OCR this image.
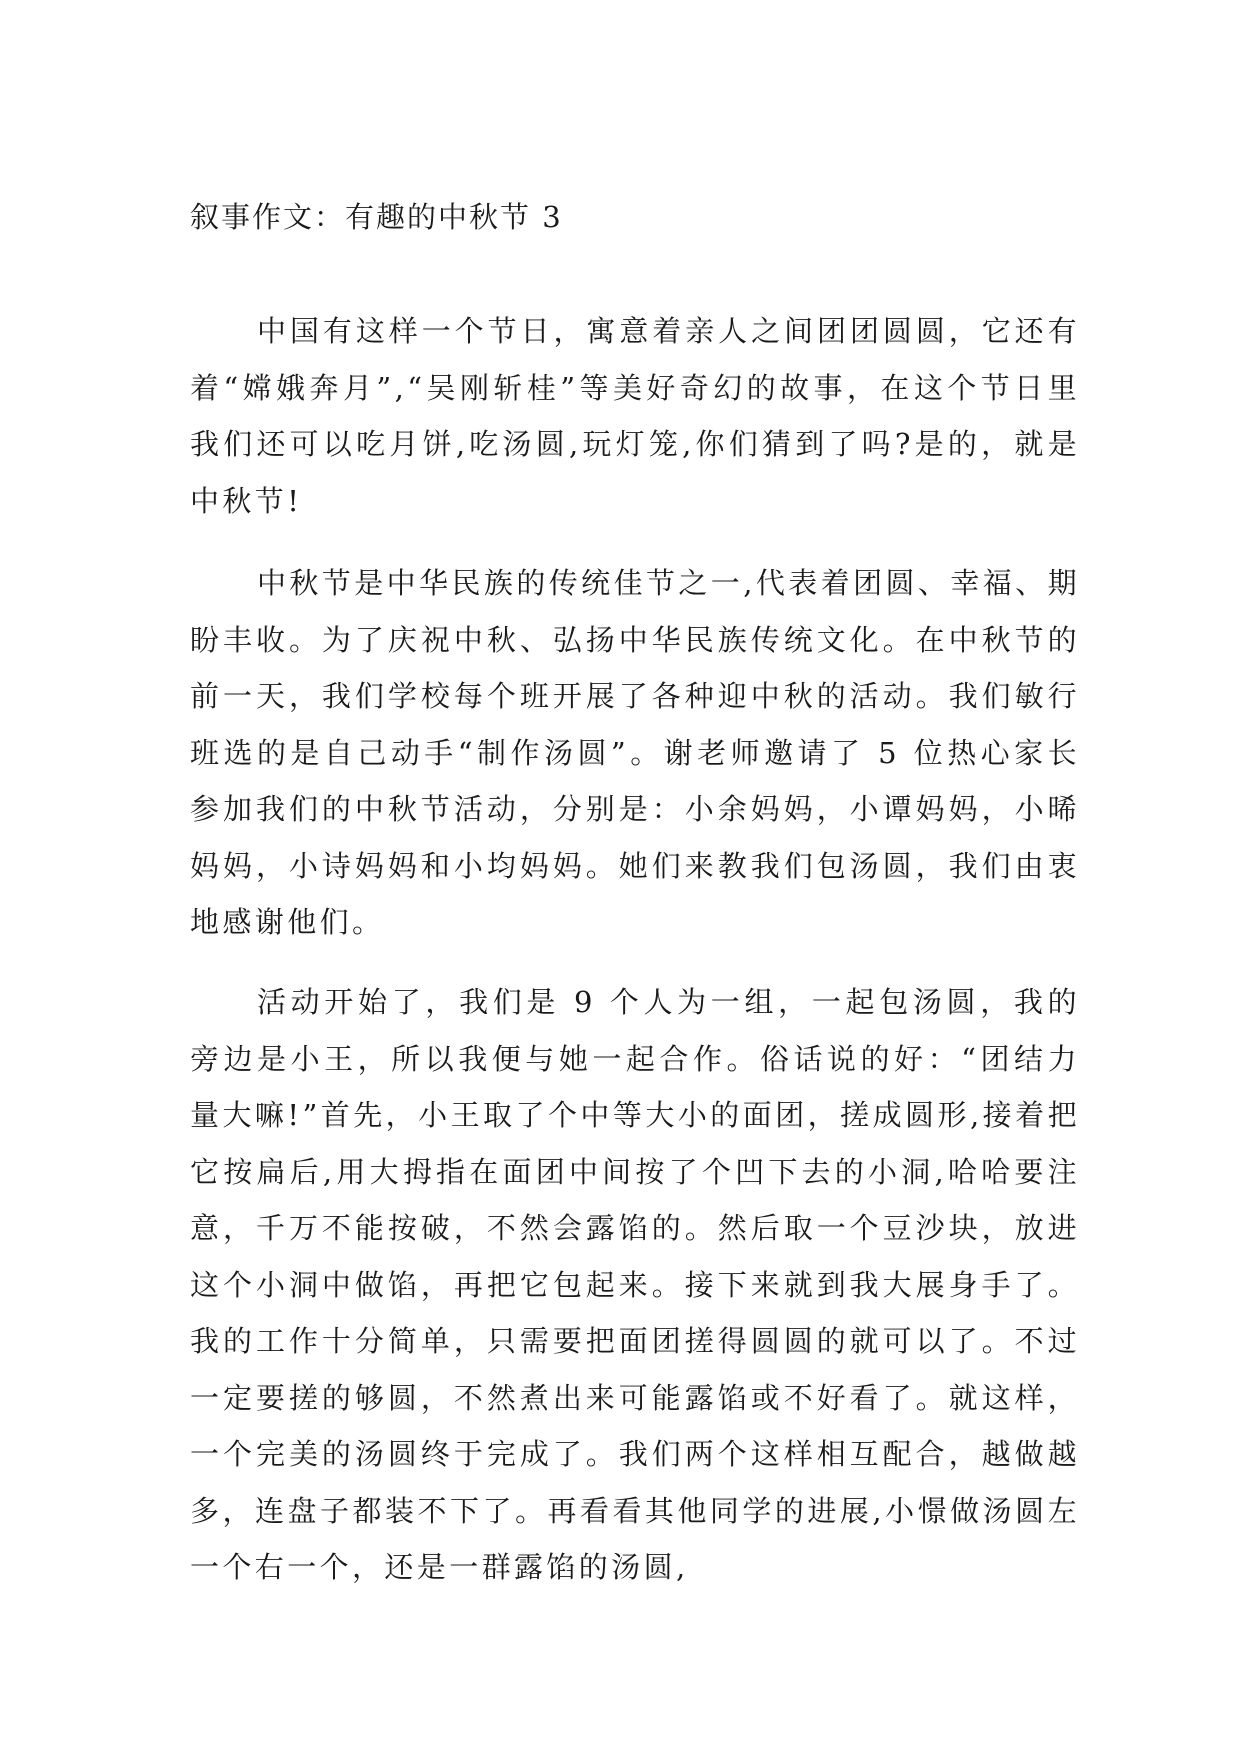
叙事作文：有趣的中秋节 3

中国有这样一个节日，寓意着亲人之间团团圆圆，它还有着“嫦娥奔月”,“吴刚斩桂”等美好奇幻的故事，在这个节日里我们还可以吃月饼,吃汤圆,玩灯笼,你们猜到了吗?是的，就是中秋节!

中秋节是中华民族的传统佳节之一,代表着团圆、幸福、期盼丰收。为了庆祝中秋、弘扬中华民族传统文化。在中秋节的前一天，我们学校每个班开展了各种迎中秋的活动。我们敏行班选的是自己动手“制作汤圆”。谢老师邀请了 5 位热心家长参加我们的中秋节活动，分别是：小余妈妈，小谭妈妈，小晞妈妈，小诗妈妈和小均妈妈。她们来教我们包汤圆，我们由衷地感谢他们。

活动开始了，我们是 9 个人为一组，一起包汤圆，我的旁边是小王，所以我便与她一起合作。俗话说的好：“团结力量大嘛!”首先，小王取了个中等大小的面团，搓成圆形,接着把它按扁后,用大拇指在面团中间按了个凹下去的小洞,哈哈要注意，千万不能按破，不然会露馅的。然后取一个豆沙块，放进这个小洞中做馅，再把它包起来。接下来就到我大展身手了。我的工作十分简单，只需要把面团搓得圆圆的就可以了。不过一定要搓的够圆，不然煮出来可能露馅或不好看了。就这样，一个完美的汤圆终于完成了。我们两个这样相互配合，越做越多，连盘子都装不下了。再看看其他同学的进展,小憬做汤圆左一个右一个，还是一群露馅的汤圆,
